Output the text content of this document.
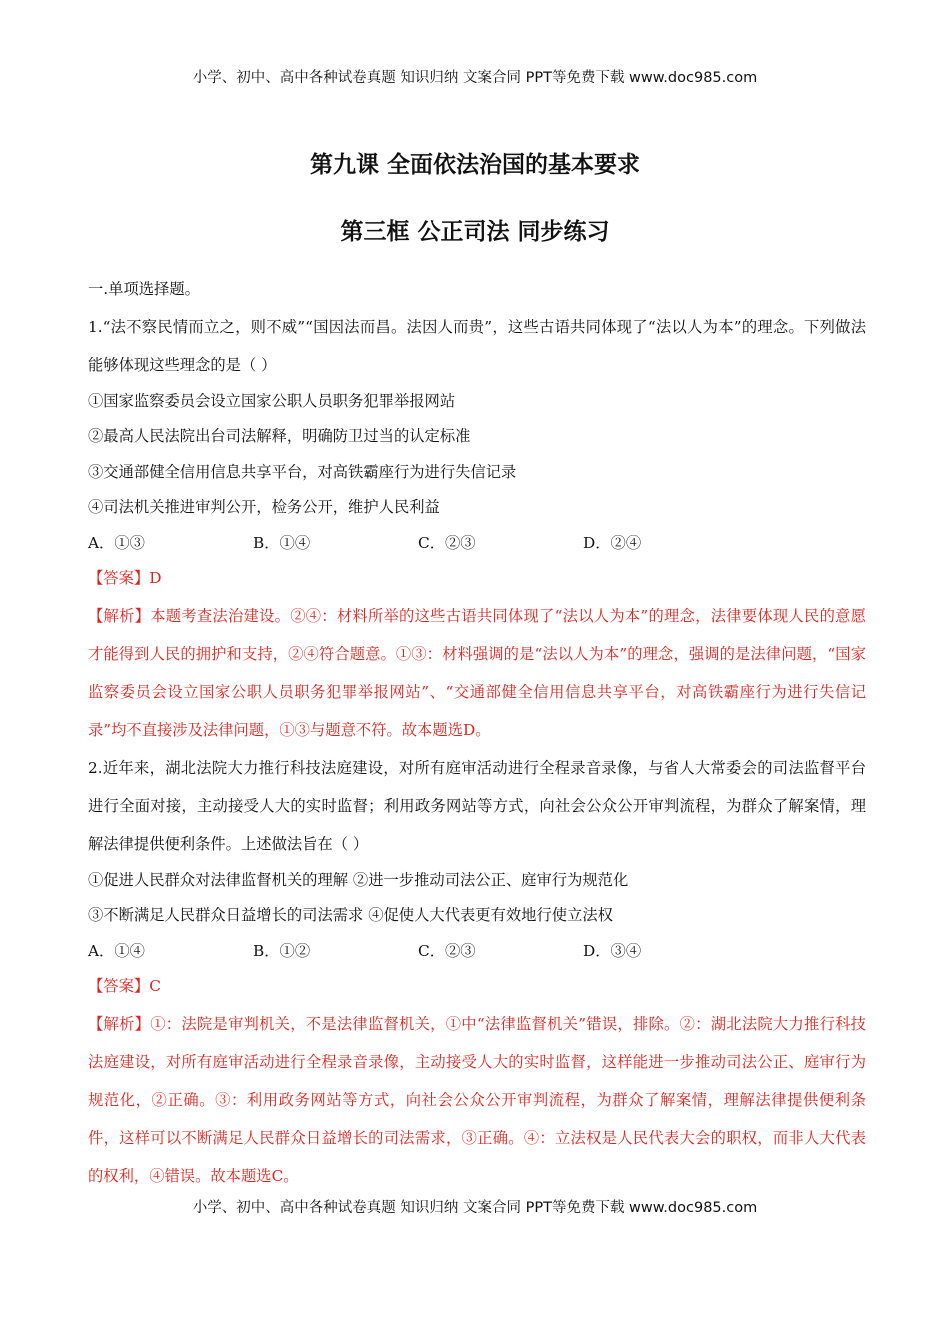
小学、初中、高中各种试卷真题 知识归纳 文案合同 PPT等免费下载 www.doc985.com
第九课 全面依法治国的基本要求
第三框 公正司法 同步练习
一.单项选择题。
1.“法不察民情而立之，则不威”“国因法而昌。法因人而贵”，这些古语共同体现了“法以人为本”的理念。下列做法能够体现这些理念的是（ ）
①国家监察委员会设立国家公职人员职务犯罪举报网站
②最高人民法院出台司法解释，明确防卫过当的认定标准
③交通部健全信用信息共享平台，对高铁霸座行为进行失信记录
④司法机关推进审判公开，检务公开，维护人民利益
A．①③	B．①④	C．②③	D．②④
【答案】D
【解析】本题考查法治建设。②④：材料所举的这些古语共同体现了“法以人为本”的理念，法律要体现人民的意愿才能得到人民的拥护和支持，②④符合题意。①③：材料强调的是“法以人为本”的理念，强调的是法律问题，“国家监察委员会设立国家公职人员职务犯罪举报网站”、“交通部健全信用信息共享平台，对高铁霸座行为进行失信记录”均不直接涉及法律问题，①③与题意不符。故本题选D。
2.近年来，湖北法院大力推行科技法庭建设，对所有庭审活动进行全程录音录像，与省人大常委会的司法监督平台进行全面对接，主动接受人大的实时监督；利用政务网站等方式，向社会公众公开审判流程，为群众了解案情，理解法律提供便利条件。上述做法旨在（ ）
①促进人民群众对法律监督机关的理解 ②进一步推动司法公正、庭审行为规范化
③不断满足人民群众日益增长的司法需求 ④促使人大代表更有效地行使立法权
A．①④	B．①②	C．②③	D．③④
【答案】C
【解析】①：法院是审判机关，不是法律监督机关，①中“法律监督机关”错误，排除。②：湖北法院大力推行科技法庭建设，对所有庭审活动进行全程录音录像，主动接受人大的实时监督，这样能进一步推动司法公正、庭审行为规范化，②正确。③：利用政务网站等方式，向社会公众公开审判流程，为群众了解案情，理解法律提供便利条件，这样可以不断满足人民群众日益增长的司法需求，③正确。④：立法权是人民代表大会的职权，而非人大代表的权利，④错误。故本题选C。
小学、初中、高中各种试卷真题 知识归纳 文案合同 PPT等免费下载 www.doc985.com
